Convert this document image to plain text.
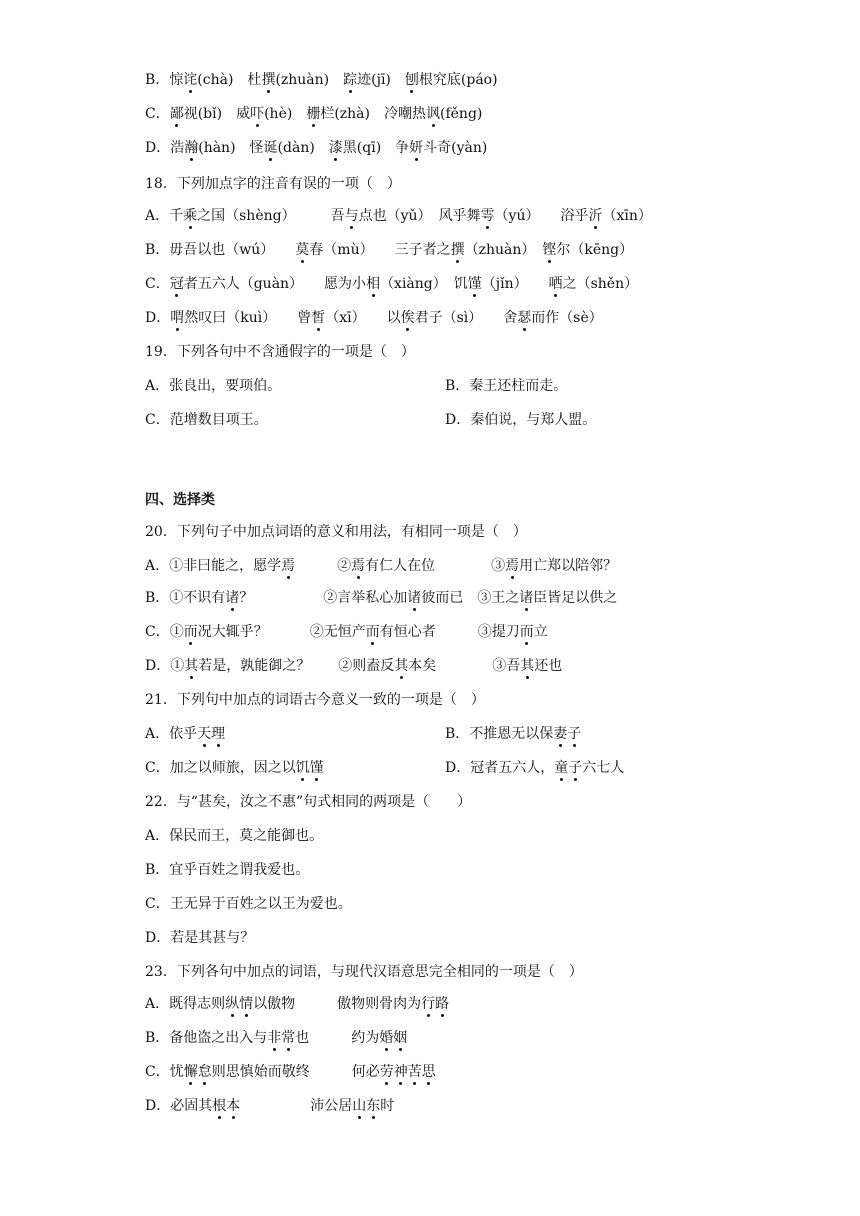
B．惊诧(chà)　杜撰(zhuàn)　踪迹(jī)　刨根究底(páo)
C．鄙视(bǐ)　威吓(hè)　栅栏(zhà)　冷嘲热讽(fěng)
D．浩瀚(hàn)　怪诞(dàn)　漆黑(qī)　争妍斗奇(yàn)
18．下列加点字的注音有误的一项（　）
A．千乘之国（shèng）　　　吾与点也（yǔ）　风乎舞雩（yú）　　浴乎沂（xīn）
B．毋吾以也（wú）　　莫春（mù）　　三子者之撰（zhuàn）　铿尔（kēng）
C．冠者五六人（guàn）　　愿为小相（xiàng）　饥馑（jǐn）　　哂之（shěn）
D．喟然叹曰（kuì）　　曾皙（xī）　　以俟君子（sì）　　舍瑟而作（sè）
19．下列各句中不含通假字的一项是（　）
A．张良出，要项伯。
C．范增数目项王。
20．下列句子中加点词语的意义和用法，有相同一项是（　）
A．①非曰能之，愿学焉　　　②焉有仁人在位　　　　③焉用亡郑以陪邻？
B．①不识有诸？　　　　　②言举私心加诸彼而已　③王之诸臣皆足以供之
C．①而况大辄乎？　　　②无恒产而有恒心者　　　③提刀而立
D．①其若是，孰能御之？　　②则盍反其本矣　　　　③吾其还也
21．下列句中加点的词语古今意义一致的一项是（　）
A．依乎天理
C．加之以师旅，因之以饥馑
22．与“甚矣，汝之不惠”句式相同的两项是（　　）
A．保民而王，莫之能御也。
B．宜乎百姓之谓我爱也。
C．王无异于百姓之以王为爱也。
D．若是其甚与？
23．下列各句中加点的词语，与现代汉语意思完全相同的一项是（　）
A．既得志则纵情以傲物　　　傲物则骨肉为行路
B．备他盗之出入与非常也　　　约为婚姻
C．忧懈怠则思慎始而敬终　　　何必劳神苦思
D．必固其根本　　　　　沛公居山东时
B．秦王还柱而走。
D．秦伯说，与郑人盟。
B．不推恩无以保妻子
D．冠者五六人，童子六七人
四、选择类
